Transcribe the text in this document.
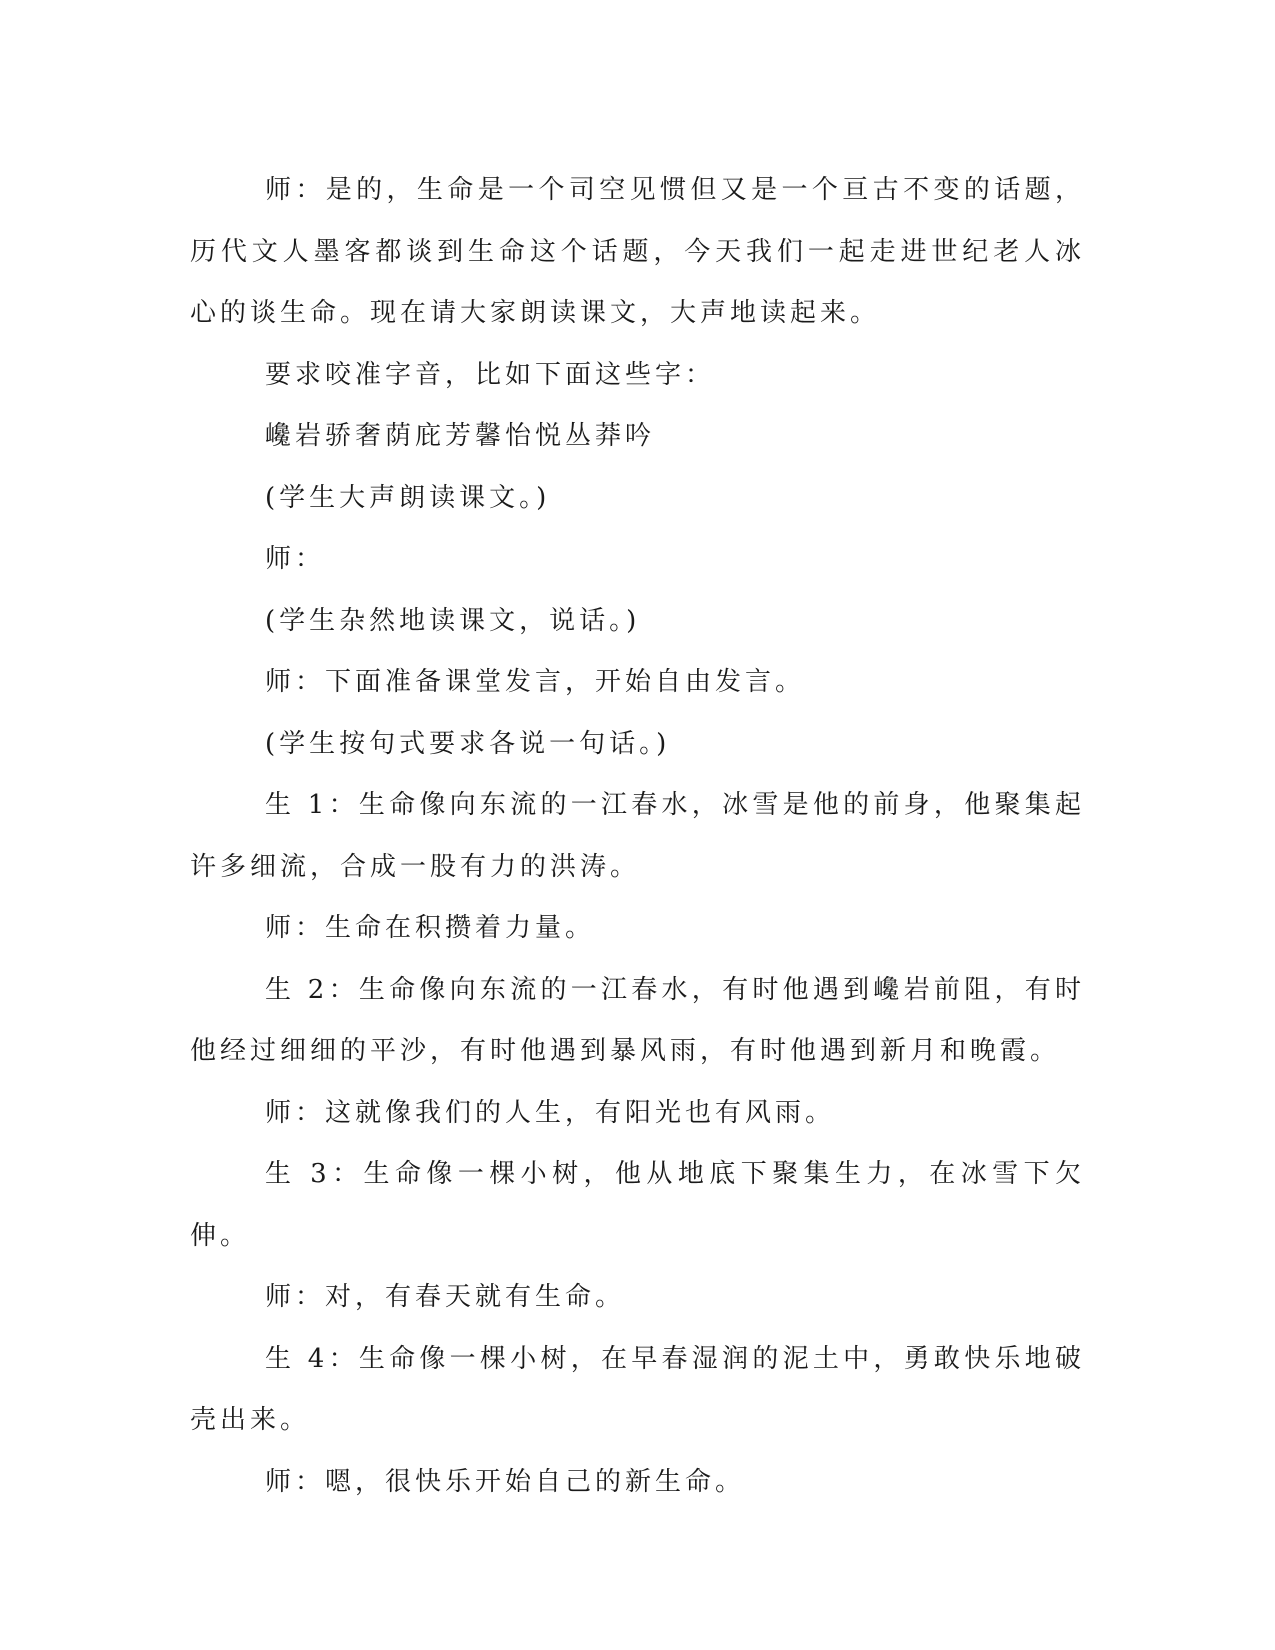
师：是的，生命是一个司空见惯但又是一个亘古不变的话题，历代文人墨客都谈到生命这个话题，今天我们一起走进世纪老人冰心的谈生命。现在请大家朗读课文，大声地读起来。

要求咬准字音，比如下面这些字：

巉岩骄奢荫庇芳馨怡悦丛莽吟

(学生大声朗读课文。)

师：

(学生杂然地读课文，说话。)

师：下面准备课堂发言，开始自由发言。

(学生按句式要求各说一句话。)

生 1：生命像向东流的一江春水，冰雪是他的前身，他聚集起许多细流，合成一股有力的洪涛。

师：生命在积攒着力量。

生 2：生命像向东流的一江春水，有时他遇到巉岩前阻，有时他经过细细的平沙，有时他遇到暴风雨，有时他遇到新月和晚霞。

师：这就像我们的人生，有阳光也有风雨。

生 3：生命像一棵小树，他从地底下聚集生力，在冰雪下欠伸。

师：对，有春天就有生命。

生 4：生命像一棵小树，在早春湿润的泥土中，勇敢快乐地破壳出来。

师：嗯，很快乐开始自己的新生命。
